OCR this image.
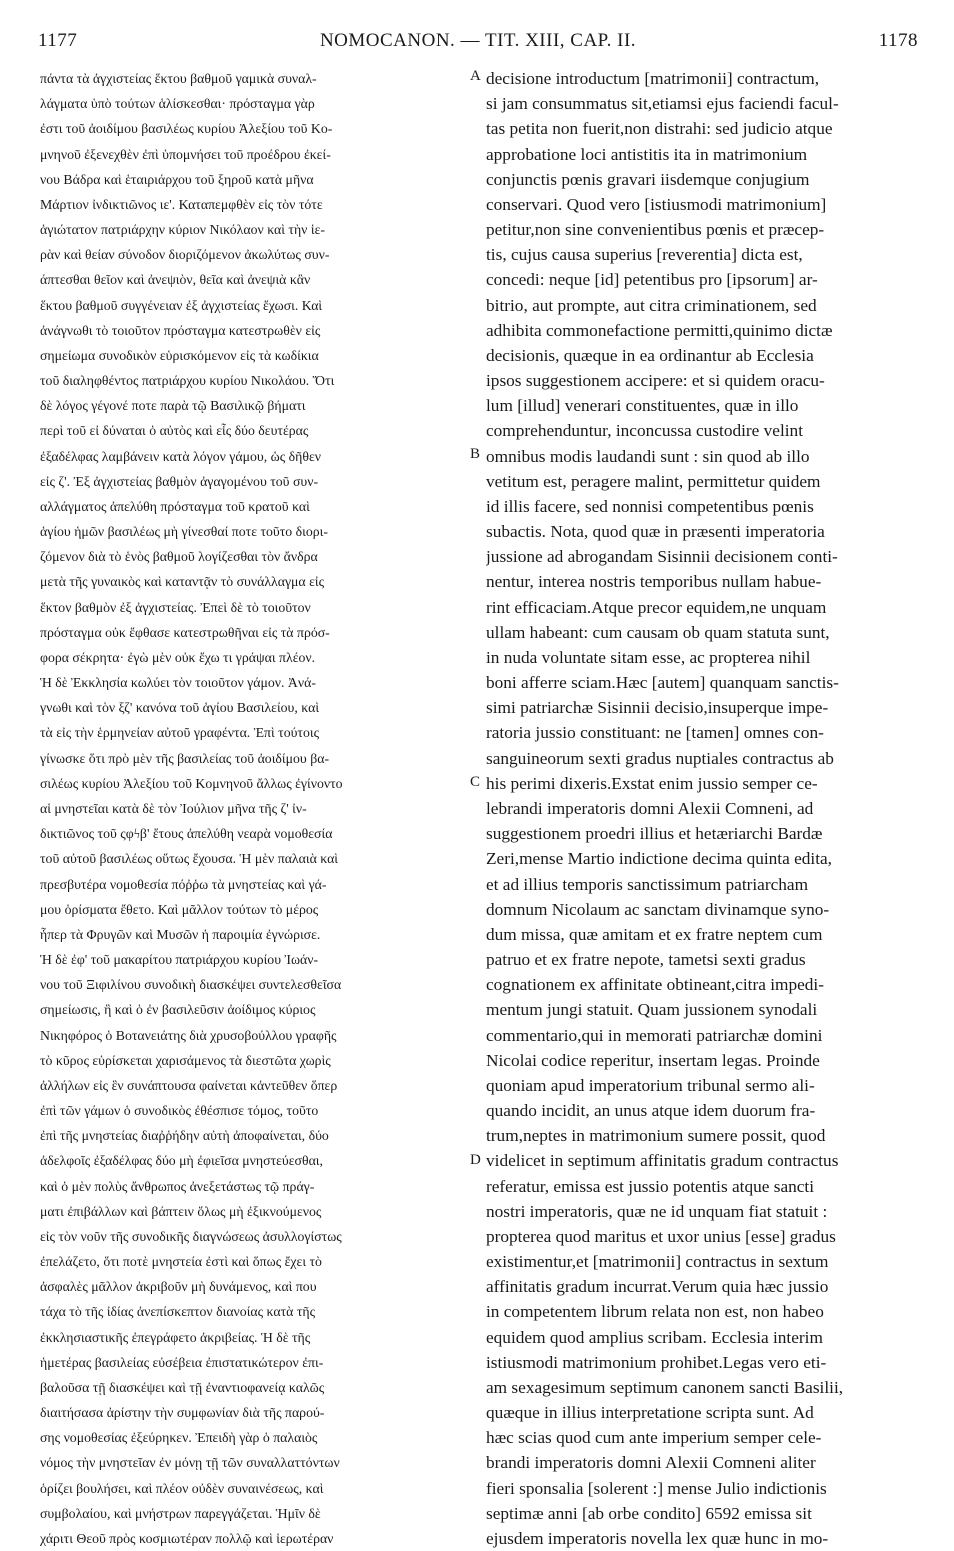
1177	NOMOCANON. — TIT. XIII, CAP. II.	1178
πάντα τὰ ἀγχιστείας ἕκτου βαθμοῦ γαμικὰ συναλ-
λάγματα ὑπὸ τούτων ἁλίσκεσθαι· πρόσταγμα γὰρ
ἐστι τοῦ ἀοιδίμου βασιλέως κυρίου Ἀλεξίου τοῦ Κο-
μνηνοῦ ἐξενεχθὲν ἐπὶ ὑπομνήσει τοῦ προέδρου ἐκεί-
νου Βάδρα καὶ ἑταιριάρχου τοῦ ξηροῦ κατὰ μῆνα
Μάρτιον ἰνδικτιῶνος ιε'. Καταπεμφθὲν εἰς τὸν τότε
ἁγιώτατον πατριάρχην κύριον Νικόλαον καὶ τὴν ἱε-
ρὰν καὶ θείαν σύνοδον διοριζόμενον ἀκωλύτως συν-
άπτεσθαι θεῖον καὶ ἀνεψιὸν, θεῖα καὶ ἀνεψιὰ κἂν
ἕκτου βαθμοῦ συγγένειαν ἐξ ἀγχιστείας ἔχωσι. Καὶ
ἀνάγνωθι τὸ τοιοῦτον πρόσταγμα κατεστρωθὲν εἰς
σημείωμα συνοδικὸν εὑρισκόμενον εἰς τὰ κωδίκια
τοῦ διαληφθέντος πατριάρχου κυρίου Νικολάου. Ὅτι
δὲ λόγος γέγονέ ποτε παρὰ τῷ Βασιλικῷ βήματι
περὶ τοῦ εἰ δύναται ὁ αὐτὸς καὶ εἷς δύο δευτέρας
ἐξαδέλφας λαμβάνειν κατὰ λόγον γάμου, ὡς δῆθεν
εἰς ζ'. Ἐξ ἀγχιστείας βαθμὸν ἀγαγομένου τοῦ συν-
αλλάγματος ἀπελύθη πρόσταγμα τοῦ κρατοῦ καὶ
ἁγίου ἡμῶν βασιλέως μὴ γίνεσθαί ποτε τοῦτο διορι-
ζόμενον διὰ τὸ ἑνὸς βαθμοῦ λογίζεσθαι τὸν ἄνδρα
μετὰ τῆς γυναικὸς καὶ καταντᾷν τὸ συνάλλαγμα εἰς
ἕκτον βαθμὸν ἐξ ἀγχιστείας. Ἐπεὶ δὲ τὸ τοιοῦτον
πρόσταγμα οὐκ ἔφθασε κατεστρωθῆναι εἰς τὰ πρόσ-
φορα σέκρητα· ἐγὼ μὲν οὐκ ἔχω τι γράψαι πλέον.
Ἡ δὲ Ἐκκλησία κωλύει τὸν τοιοῦτον γάμον. Ἀνά-
γνωθι καὶ τὸν ξζ' κανόνα τοῦ ἁγίου Βασιλείου, καὶ
τὰ εἰς τὴν ἑρμηνείαν αὐτοῦ γραφέντα. Ἐπὶ τούτοις
γίνωσκε ὅτι πρὸ μὲν τῆς βασιλείας τοῦ ἀοιδίμου βα-
σιλέως κυρίου Ἀλεξίου τοῦ Κομνηνοῦ ἄλλως ἐγίνοντο
αἱ μνηστεῖαι κατὰ δὲ τὸν Ἰούλιον μῆνα τῆς ζ' ἰν-
δικτιῶνος τοῦ ςφϟβ' ἔτους ἀπελύθη νεαρὰ νομοθεσία
τοῦ αὐτοῦ βασιλέως οὕτως ἔχουσα. Ἡ μὲν παλαιὰ καὶ
πρεσβυτέρα νομοθεσία πόῤῥω τὰ μνηστείας καὶ γά-
μου ὁρίσματα ἔθετο. Καὶ μᾶλλον τούτων τὸ μέρος
ἧπερ τὰ Φρυγῶν καὶ Μυσῶν ἡ παροιμία ἐγνώρισε.
Ἡ δὲ ἐφ' τοῦ μακαρίτου πατριάρχου κυρίου Ἰωάν-
νου τοῦ Ξιφιλίνου συνοδικὴ διασκέψει συντελεσθεῖσα
σημείωσις, ἣ καὶ ὁ ἐν βασιλεῦσιν ἀοίδιμος κύριος
Νικηφόρος ὁ Βοτανειάτης διὰ χρυσοβούλλου γραφῆς
τὸ κῦρος εὑρίσκεται χαρισάμενος τὰ διεστῶτα χωρὶς
ἀλλήλων εἰς ἓν συνάπτουσα φαίνεται κἀντεῦθεν ὅπερ
ἐπὶ τῶν γάμων ὁ συνοδικὸς ἐθέσπισε τόμος, τοῦτο
ἐπὶ τῆς μνηστείας διαῤῥήδην αὐτὴ ἀποφαίνεται, δύο
ἀδελφοῖς ἐξαδέλφας δύο μὴ ἐφιεῖσα μνηστεύεσθαι,
καὶ ὁ μὲν πολὺς ἄνθρωπος ἀνεξετάστως τῷ πράγ-
ματι ἐπιβάλλων καὶ βάπτειν ὅλως μὴ ἐξικνούμενος
εἰς τὸν νοῦν τῆς συνοδικῆς διαγνώσεως ἀσυλλογίστως
ἐπελάζετο, ὅτι ποτὲ μνηστεία ἐστὶ καὶ ὅπως ἔχει τὸ
ἀσφαλὲς μᾶλλον ἀκριβοῦν μὴ δυνάμενος, καὶ που
τάχα τὸ τῆς ἰδίας ἀνεπίσκεπτον διανοίας κατὰ τῆς
ἐκκλησιαστικῆς ἐπεγράφετο ἀκριβείας. Ἡ δὲ τῆς
ἡμετέρας βασιλείας εὐσέβεια ἐπιστατικώτερον ἐπι-
βαλοῦσα τῇ διασκέψει καὶ τῇ ἐναντιοφανείᾳ καλῶς
διαιτήσασα ἀρίστην τὴν συμφωνίαν διὰ τῆς παρού-
σης νομοθεσίας ἐξεύρηκεν. Ἐπειδὴ γὰρ ὁ παλαιὸς
νόμος τὴν μνηστεῖαν ἐν μόνῃ τῇ τῶν συναλλαττόντων
ὁρίζει βουλήσει, καὶ πλέον οὐδὲν συναινέσεως, καὶ
συμβολαίου, καὶ μνήστρων παρεγγάζεται. Ἡμῖν δὲ
χάριτι Θεοῦ πρὸς κοσμιωτέραν πολλῷ καὶ ἱερωτέραν
decisione introductum [matrimonii] contractum,
si jam consummatus sit,etiamsi ejus faciendi facul-
tas petita non fuerit,non distrahi: sed judicio atque
approbatione loci antistitis ita in matrimonium
conjunctis pœnis gravari iisdemque conjugium
conservari. Quod vero [istiusmodi matrimonium]
petitur,non sine convenientibus pœnis et præcep-
tis, cujus causa superius [reverentia] dicta est,
concedi: neque [id] petentibus pro [ipsorum] ar-
bitrio, aut prompte, aut citra criminationem, sed
adhibita commonefactione permitti,quinimo dictæ
decisionis, quæque in ea ordinantur ab Ecclesia
ipsos suggestionem accipere: et si quidem oracu-
lum [illud] venerari constituentes, quæ in illo
comprehenduntur, inconcussa custodire velint
omnibus modis laudandi sunt : sin quod ab illo
vetitum est, peragere malint, permittetur quidem
id illis facere, sed nonnisi competentibus pœnis
subactis. Nota, quod quæ in præsenti imperatoria
jussione ad abrogandam Sisinnii decisionem conti-
nentur, interea nostris temporibus nullam habue-
rint efficaciam.Atque precor equidem,ne unquam
ullam habeant: cum causam ob quam statuta sunt,
in nuda voluntate sitam esse, ac propterea nihil
boni afferre sciam.Hæc [autem] quanquam sanctis-
simi patriarchæ Sisinnii decisio,insuperque impe-
ratoria jussio constituant: ne [tamen] omnes con-
sanguineorum sexti gradus nuptiales contractus ab
his perimi dixeris.Exstat enim jussio semper ce-
lebrandi imperatoris domni Alexii Comneni, ad
suggestionem proedri illius et hetæriarchi Bardæ
Zeri,mense Martio indictione decima quinta edita,
et ad illius temporis sanctissimum patriarcham
domnum Nicolaum ac sanctam divinamque syno-
dum missa, quæ amitam et ex fratre neptem cum
patruo et ex fratre nepote, tametsi sexti gradus
cognationem ex affinitate obtineant,citra impedi-
mentum jungi statuit. Quam jussionem synodali
commentario,qui in memorati patriarchæ domini
Nicolai codice reperitur, insertam legas. Proinde
quoniam apud imperatorium tribunal sermo ali-
quando incidit, an unus atque idem duorum fra-
trum,neptes in matrimonium sumere possit, quod
videlicet in septimum affinitatis gradum contractus
referatur, emissa est jussio potentis atque sancti
nostri imperatoris, quæ ne id unquam fiat statuit :
propterea quod maritus et uxor unius [esse] gradus
existimentur,et [matrimonii] contractus in sextum
affinitatis gradum incurrat.Verum quia hæc jussio
in competentem librum relata non est, non habeo
equidem quod amplius scribam. Ecclesia interim
istiusmodi matrimonium prohibet.Legas vero eti-
am sexagesimum septimum canonem sancti Basilii,
quæque in illius interpretatione scripta sunt. Ad
hæc scias quod cum ante imperium semper cele-
brandi imperatoris domni Alexii Comneni aliter
fieri sponsalia [solerent :] mense Julio indictionis
septimæ anni [ab orbe condito] 6592 emissa sit
ejusdem imperatoris novella lex quæ hunc in mo-
A
B
C
D
